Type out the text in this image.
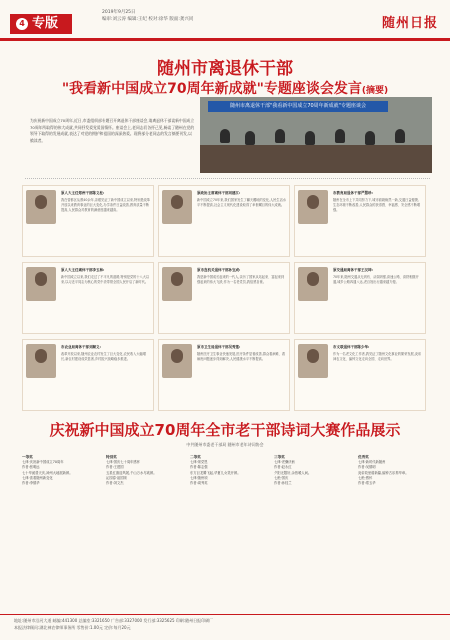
4 专版
2019年9月25日
编审:刘云涛 编辑:王纪 校对:徐华 版面:龚兴同	随州日报
随州市离退休干部
"我看新中国成立70周年新成就"专题座谈会发言(摘要)
为庆祝新中国成立70周年,近日,市委组织部专题召开离退休干部座谈会,请离退休干部谈新中国成立70周年所取得的伟大成就,共同抒发爱党爱国情怀。座谈会上,老同志们各抒己见,畅谈了随州在党的领导下取得的发展成就,表达了对党的拥护和祖国的深深热爱。现将部分老同志的发言摘要刊发,以飨读者。
随州市离退休干部"我看新中国成立70周年新成就"专题座谈会
原人大主任郑州干部陈义柱:
我在曾都区从教40余年,亲眼见证了新中国成立以来,特别是改革开放以来教育事业的巨大变化,办学条件日益改善,教育质量不断提高,人民群众对教育的满意度越来越高。
原政协主席离休干部刘建江:
新中国成立70年来,我们国家发生了翻天覆地的变化,人民生活水平不断提高,社会主义现代化建设取得了举世瞩目的伟大成就。
市教育局退休干部严慧珍:
随州在全市上下共同努力下,城市面貌焕然一新,交通日益便捷,生态环境不断改善,人民群众的获得感、幸福感、安全感不断增强。
原人大主任离休干部李玉林:
新中国成立以来,我们走过了不平凡的道路,特别是党的十八大以来,以习近平同志为核心的党中央带领全国人民开启了新时代。
原市直机关退休干部孙宝成:
我是新中国成长起来的一代人,亲历了国家从站起来、富起来到强起来的伟大飞跃,作为一名老党员,我倍感自豪。
原交通局离休干部王汉坤:
70年来,随州交通从无到有、从弱到强,高速公路、高铁相继开通,城乡公路四通八达,老百姓出行越来越方便。
市农业局离休干部刘顺义:
改革开放以来,随州农业农村发生了巨大变化,农民收入大幅增长,新农村建设成效显著,乡村振兴战略稳步推进。
原市卫生局退休干部吴秀莲:
随州医疗卫生事业快速发展,医疗条件显著改善,群众看病难、看病贵问题逐步得到解决,人民健康水平不断提高。
市文联退休干部陈少华:
作为一名老文化工作者,我见证了随州文化事业的繁荣发展,炎帝神农文化、编钟文化走向全国、走向世界。
庆祝新中国成立70周年全市老干部诗词大赛作品展示
中共随州市委老干部局 随州市老年诗词协会
一等奖
七律·庆祝新中国成立70周年
作者:张明远
七十华诞普天庆,神州大地展新颜。
七律·喜看随州新变化
作者:李德华
特别奖
七律·国庆七十周年感怀
作者:王建国
五星红旗迎风展,千山万水尽欢颜。
沁园春·祖国颂
作者:刘文杰
二等奖
七律·颂党恩
作者:陈志强
东方巨龙腾飞起,华夏儿女笑开颜。
七律·随州颂
作者:周秀英
三等奖
七律·老骥伏枥
作者:赵永红
夕阳无限好,余热暖人间。
七绝·国庆
作者:孙桂兰
优秀奖
七律·新时代新随州
作者:吴德明
炎帝故里谱新篇,编钟古乐奏华章。
七绝·感怀
作者:郑玉华
地址:随州市沿河大道 邮编:441300 总编室:3321650 广告部:3327000 发行部:3325625 印刷:随州日报印刷厂
本报法律顾问:湖北神农律师事务所 零售价:1.00元 定价:每月20元
